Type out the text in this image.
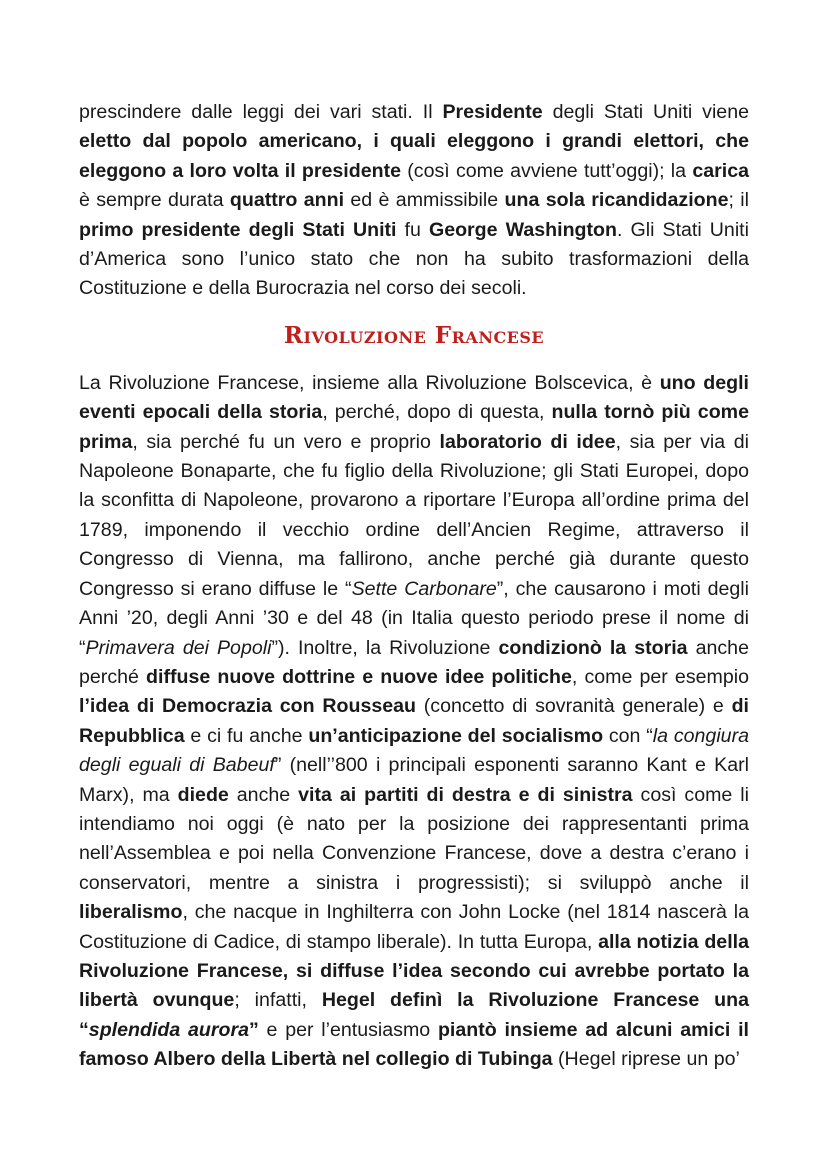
prescindere dalle leggi dei vari stati. Il Presidente degli Stati Uniti viene eletto dal popolo americano, i quali eleggono i grandi elettori, che eleggono a loro volta il presidente (così come avviene tutt’oggi); la carica è sempre durata quattro anni ed è ammissibile una sola ricandidazione; il primo presidente degli Stati Uniti fu George Washington. Gli Stati Uniti d’America sono l’unico stato che non ha subito trasformazioni della Costituzione e della Burocrazia nel corso dei secoli.

Rivoluzione Francese

La Rivoluzione Francese, insieme alla Rivoluzione Bolscevica, è uno degli eventi epocali della storia, perché, dopo di questa, nulla tornò più come prima, sia perché fu un vero e proprio laboratorio di idee, sia per via di Napoleone Bonaparte, che fu figlio della Rivoluzione; gli Stati Europei, dopo la sconfitta di Napoleone, provarono a riportare l’Europa all’ordine prima del 1789, imponendo il vecchio ordine dell’Ancien Regime, attraverso il Congresso di Vienna, ma fallirono, anche perché già durante questo Congresso si erano diffuse le “Sette Carbonare”, che causarono i moti degli Anni ’20, degli Anni ’30 e del 48 (in Italia questo periodo prese il nome di “Primavera dei Popoli”). Inoltre, la Rivoluzione condizionò la storia anche perché diffuse nuove dottrine e nuove idee politiche, come per esempio l’idea di Democrazia con Rousseau (concetto di sovranità generale) e di Repubblica e ci fu anche un’anticipazione del socialismo con “la congiura degli eguali di Babeuf” (nell’’800 i principali esponenti saranno Kant e Karl Marx), ma diede anche vita ai partiti di destra e di sinistra così come li intendiamo noi oggi (è nato per la posizione dei rappresentanti prima nell’Assemblea e poi nella Convenzione Francese, dove a destra c’erano i conservatori, mentre a sinistra i progressisti); si sviluppò anche il liberalismo, che nacque in Inghilterra con John Locke (nel 1814 nascerà la Costituzione di Cadice, di stampo liberale). In tutta Europa, alla notizia della Rivoluzione Francese, si diffuse l’idea secondo cui avrebbe portato la libertà ovunque; infatti, Hegel definì la Rivoluzione Francese una “splendida aurora” e per l’entusiasmo piantò insieme ad alcuni amici il famoso Albero della Libertà nel collegio di Tubinga (Hegel riprese un po’
